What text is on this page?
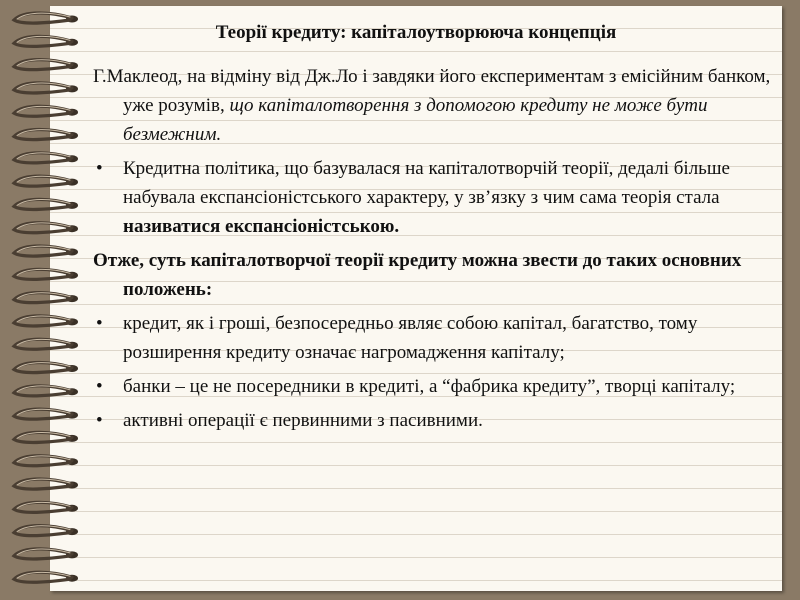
Теорії кредиту: капіталоутворююча концепція

Г.Маклеод, на відміну від Дж.Ло і завдяки його експериментам з емісійним банком, уже розумів, що капіталотворення з допомогою кредиту не може бути безмежним.

• Кредитна політика, що базувалася на капіталотворчій теорії, дедалі більше набувала експансіоністського характеру, у зв’язку з чим сама теорія стала називатися експансіоністською.

Отже, суть капіталотворчої теорії кредиту можна звести до таких основних положень:

• кредит, як і гроші, безпосередньо являє собою капітал, багатство, тому розширення кредиту означає нагромадження капіталу;
• банки – це не посередники в кредиті, а “фабрика кредиту”, творці капіталу;
• активні операції є первинними з пасивними.
